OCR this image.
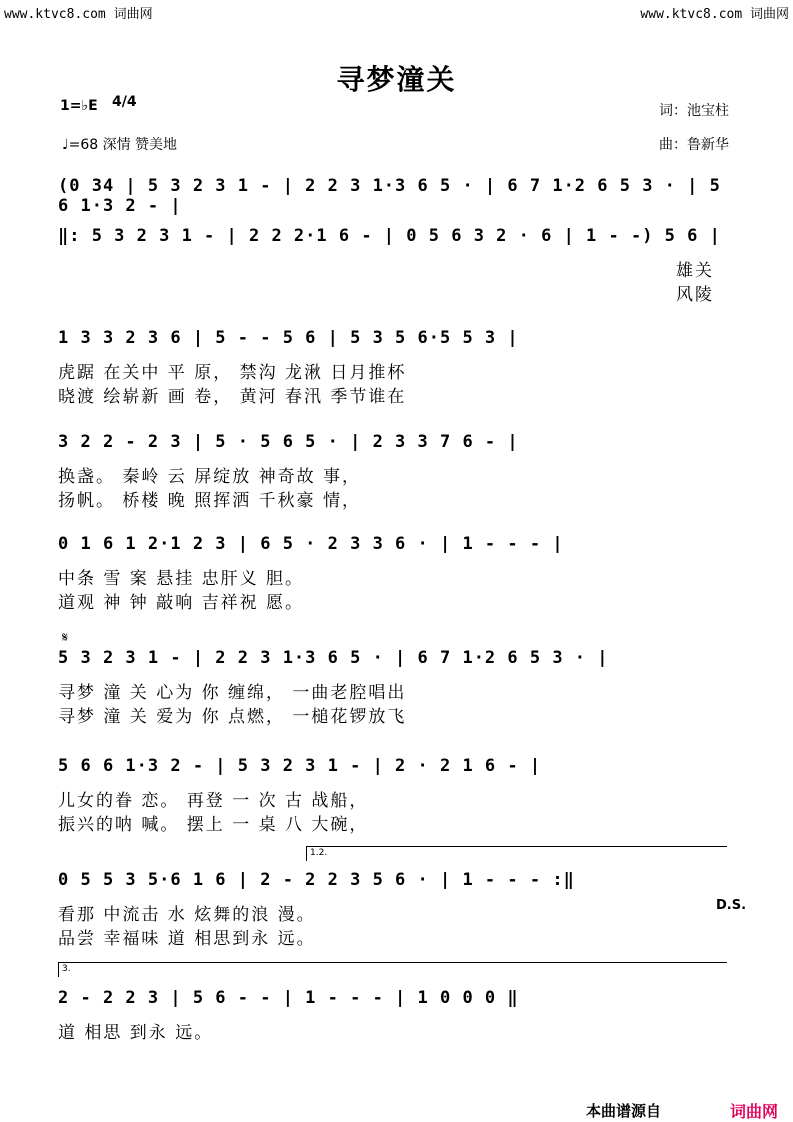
www.ktvc8.com 词曲网	www.ktvc8.com 词曲网
寻梦潼关
1=♭E 4/4
♩=68 深情 赞美地
词：池宝柱
曲：鲁新华
(0 34 | 5 3 2 3 1 - | 2 2 3 1·3 6 5 · | 6 7 1·2 6 5 3 · | 5 6 1·3 2 - |
‖: 5 3 2 3 1 - | 2 2 2·1 6 - | 0 5 6 3 2 · 6 | 1 - -) 5 6 |
雄关
风陵
1 3 3 2 3 6 | 5 - - 5 6 | 5 3 5 6·5 5 3 |
虎踞 在关中 平 原， 禁沟 龙湫 日月推杯
晓渡 绘崭新 画 卷， 黄河 春汛 季节谁在
3 2 2 - 2 3 | 5 · 5 6 5 · | 2 3 3 7 6 - |
换盏。 秦岭 云 屏绽放 神奇故 事，
扬帆。 桥楼 晚 照挥洒 千秋豪 情，
0 1 6 1 2·1 2 3 | 6 5 · 2 3 3 6 · | 1 - - - |
中条 雪 案 悬挂 忠肝义 胆。
道观 神 钟 敲响 吉祥祝 愿。
𝄋
5 3 2 3 1 - | 2 2 3 1·3 6 5 · | 6 7 1·2 6 5 3 · |
寻梦 潼 关 心为 你 缠绵， 一曲老腔唱出
寻梦 潼 关 爱为 你 点燃， 一槌花锣放飞
5 6 6 1·3 2 - | 5 3 2 3 1 - | 2 · 2 1 6 - |
儿女的眷 恋。 再登 一 次 古 战船，
振兴的呐 喊。 摆上 一 桌 八 大碗，
1.2.
0 5 5 3 5·6 1 6 | 2 - 2 2 3 5 6 · | 1 - - - :‖
看那 中流击 水 炫舞的浪 漫。
品尝 幸福味 道 相思到永 远。
D.S.
3.
2 - 2 2 3 | 5 6 - - | 1 - - - | 1 0 0 0 ‖
道 相思 到永 远。
本曲谱源自	词曲网
